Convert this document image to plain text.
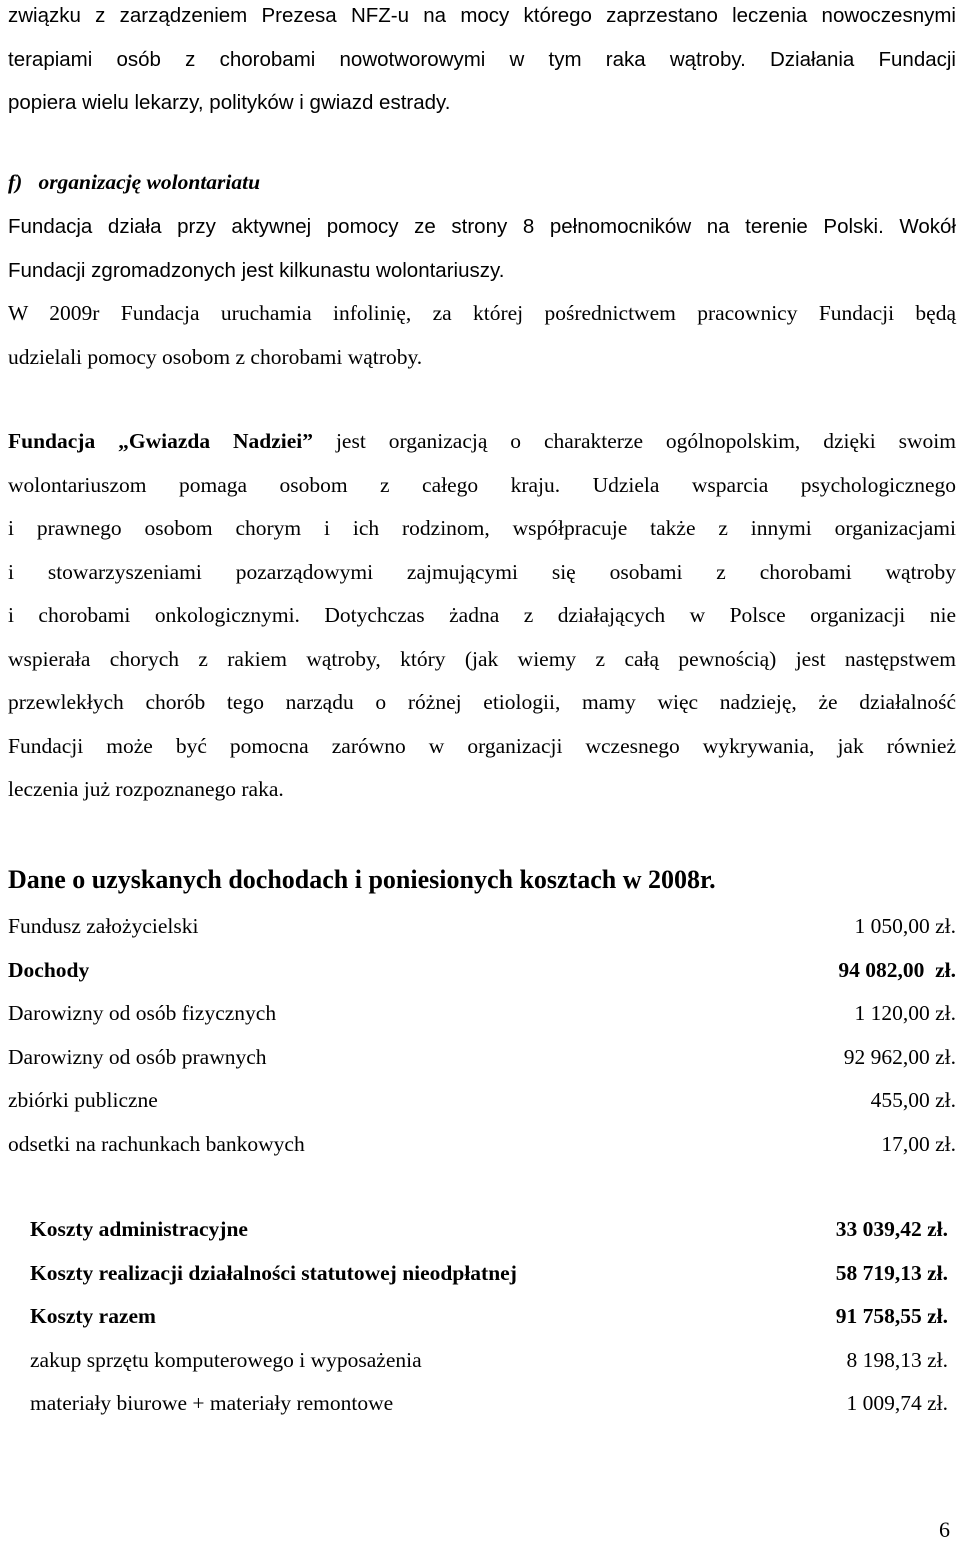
związku z zarządzeniem Prezesa NFZ-u na mocy którego zaprzestano leczenia nowoczesnymi
terapiami osób z chorobami nowotworowymi w tym raka wątroby. Działania Fundacji
popiera wielu lekarzy, polityków i gwiazd estrady.
f)   organizację wolontariatu
Fundacja działa przy aktywnej pomocy ze strony 8 pełnomocników na terenie Polski. Wokół
Fundacji zgromadzonych jest kilkunastu wolontariuszy.
W 2009r Fundacja uruchamia infolinię, za której pośrednictwem pracownicy Fundacji będą
udzielali pomocy osobom z chorobami wątroby.
Fundacja „Gwiazda Nadziei” jest organizacją o charakterze ogólnopolskim, dzięki swoim
wolontariuszom pomaga osobom z całego kraju. Udziela wsparcia psychologicznego
i prawnego osobom chorym i ich rodzinom, współpracuje także z innymi organizacjami
i stowarzyszeniami pozarządowymi zajmującymi się osobami z chorobami wątroby
i chorobami onkologicznymi. Dotychczas żadna z działających w Polsce organizacji nie
wspierała chorych z rakiem wątroby, który (jak wiemy z całą pewnością) jest następstwem
przewlekłych chorób tego narządu o różnej etiologii, mamy więc nadzieję, że działalność
Fundacji może być pomocna zarówno w organizacji wczesnego wykrywania, jak również
leczenia już rozpoznanego raka.
Dane o uzyskanych dochodach i poniesionych kosztach w 2008r.
Fundusz założycielski	1 050,00 zł.
Dochody	94 082,00  zł.
Darowizny od osób fizycznych	1 120,00 zł.
Darowizny od osób prawnych	92 962,00 zł.
zbiórki publiczne	455,00 zł.
odsetki na rachunkach bankowych	17,00 zł.
Koszty administracyjne	33 039,42 zł.
Koszty realizacji działalności statutowej nieodpłatnej	58 719,13 zł.
Koszty razem	91 758,55 zł.
zakup sprzętu komputerowego i wyposażenia	8 198,13 zł.
materiały biurowe + materiały remontowe	1 009,74 zł.
6
